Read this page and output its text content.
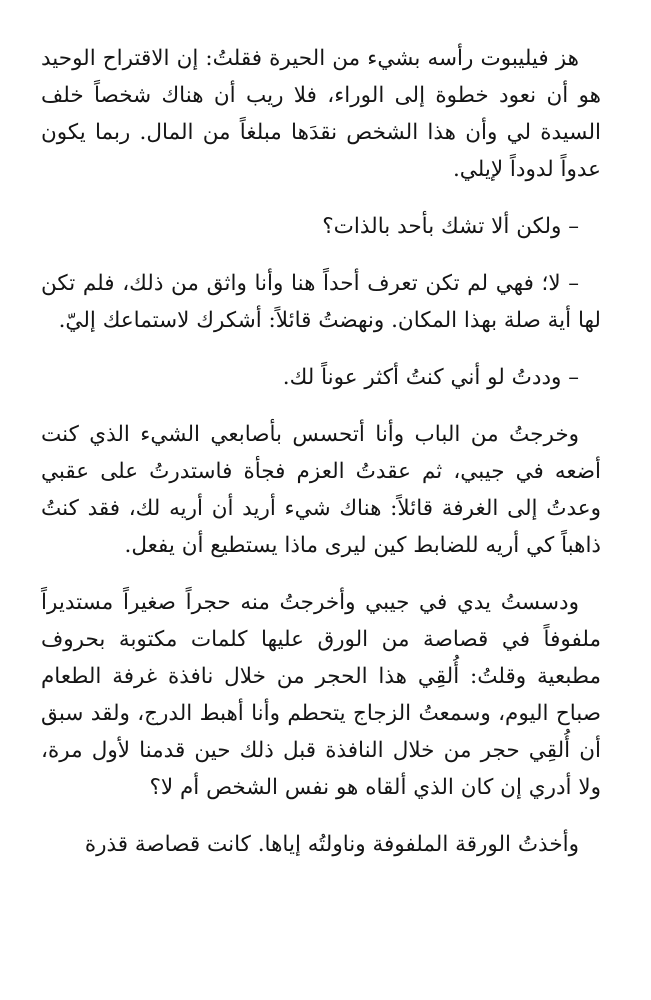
هز فيليبوت رأسه بشيء من الحيرة فقلتُ: إن الاقتراح الوحيد هو أن نعود خطوة إلى الوراء، فلا ريب أن هناك شخصاً خلف السيدة لي وأن هذا الشخص نقدَها مبلغاً من المال. ربما يكون عدواً لدوداً لإيلي.

– ولكن ألا تشك بأحد بالذات؟

– لا؛ فهي لم تكن تعرف أحداً هنا وأنا واثق من ذلك، فلم تكن لها أية صلة بهذا المكان. ونهضتُ قائلاً: أشكرك لاستماعك إليّ.

– وددتُ لو أني كنتُ أكثر عوناً لك.

وخرجتُ من الباب وأنا أتحسس بأصابعي الشيء الذي كنت أضعه في جيبي، ثم عقدتُ العزم فجأة فاستدرتُ على عقبي وعدتُ إلى الغرفة قائلاً: هناك شيء أريد أن أريه لك، فقد كنتُ ذاهباً كي أريه للضابط كين ليرى ماذا يستطيع أن يفعل.

ودسستُ يدي في جيبي وأخرجتُ منه حجراً صغيراً مستديراً ملفوفاً في قصاصة من الورق عليها كلمات مكتوبة بحروف مطبعية وقلتُ: أُلقِي هذا الحجر من خلال نافذة غرفة الطعام صباح اليوم، وسمعتُ الزجاج يتحطم وأنا أهبط الدرج، ولقد سبق أن أُلقِي حجر من خلال النافذة قبل ذلك حين قدمنا لأول مرة، ولا أدري إن كان الذي ألقاه هو نفس الشخص أم لا؟

وأخذتُ الورقة الملفوفة وناولتُه إياها. كانت قصاصة قذرة
